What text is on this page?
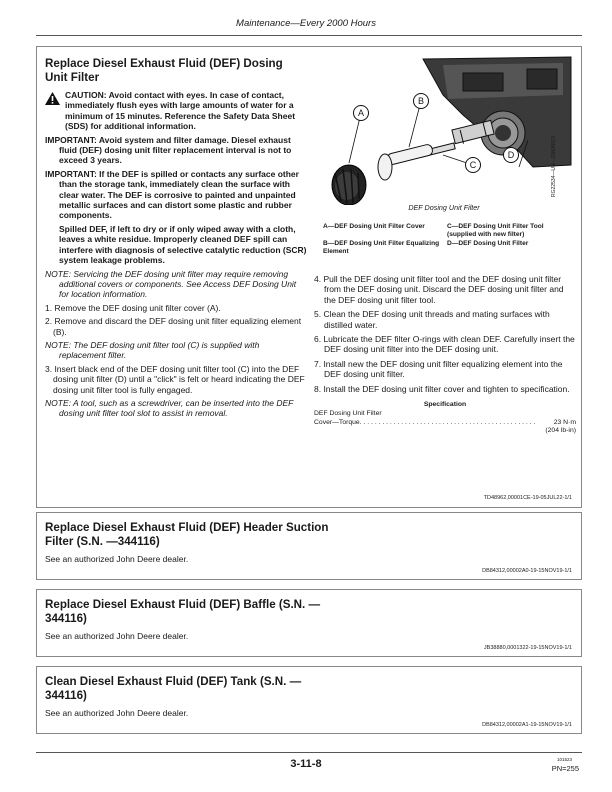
Maintenance—Every 2000 Hours
Replace Diesel Exhaust Fluid (DEF) Dosing Unit Filter

CAUTION: Avoid contact with eyes. In case of contact, immediately flush eyes with large amounts of water for a minimum of 15 minutes. Reference the Safety Data Sheet (SDS) for additional information.

IMPORTANT: Avoid system and filter damage. Diesel exhaust fluid (DEF) dosing unit filter replacement interval is not to exceed 3 years.

IMPORTANT: If the DEF is spilled or contacts any surface other than the storage tank, immediately clean the surface with clear water. The DEF is corrosive to painted and unpainted metallic surfaces and can distort some plastic and rubber components.

Spilled DEF, if left to dry or if only wiped away with a cloth, leaves a white residue. Improperly cleaned DEF spill can interfere with diagnosis of selective catalytic reduction (SCR) system leakage problems.

NOTE: Servicing the DEF dosing unit filter may require removing additional covers or components. See Access DEF Dosing Unit for location information.

1. Remove the DEF dosing unit filter cover (A).

2. Remove and discard the DEF dosing unit filter equalizing element (B).

NOTE: The DEF dosing unit filter tool (C) is supplied with replacement filter.

3. Insert black end of the DEF dosing unit filter tool (C) into the DEF dosing unit filter (D) until a "click" is felt or heard indicating the DEF dosing unit filter tool is fully engaged.

NOTE: A tool, such as a screwdriver, can be inserted into the DEF dosing unit filter tool slot to assist in removal.

A
B
C
D	RG22534—UN—21MAR13
DEF Dosing Unit Filter
A—DEF Dosing Unit Filter Cover
B—DEF Dosing Unit Filter Equalizing Element
C—DEF Dosing Unit Filter Tool (supplied with new filter)
D—DEF Dosing Unit Filter

4. Pull the DEF dosing unit filter tool and the DEF dosing unit filter from the DEF dosing unit. Discard the DEF dosing unit filter and the DEF dosing unit filter tool.

5. Clean the DEF dosing unit threads and mating surfaces with distilled water.

6. Lubricate the DEF filter O-rings with clean DEF. Carefully insert the DEF dosing unit filter into the DEF dosing unit.

7. Install new the DEF dosing unit filter equalizing element into the DEF dosing unit filter.

8. Install the DEF dosing unit filter cover and tighten to specification.

Specification
DEF Dosing Unit Filter
Cover—Torque . . . . . . . . . . . . . . . . . . . . . . . . . . . . . . . . . . . . . . . . . . . . . . .	23 N·m
(204 lb-in)
TD48962,00001CE-19-05JUL22-1/1
Replace Diesel Exhaust Fluid (DEF) Header Suction Filter (S.N. —344116)

See an authorized John Deere dealer.

DB84312,00002A0-19-15NOV19-1/1
Replace Diesel Exhaust Fluid (DEF) Baffle (S.N. —344116)

See an authorized John Deere dealer.

JB38880,0001322-19-15NOV19-1/1
Clean Diesel Exhaust Fluid (DEF) Tank (S.N. —344116)

See an authorized John Deere dealer.

DB84312,00002A1-19-15NOV19-1/1
3-11-8	101523
PN=255
